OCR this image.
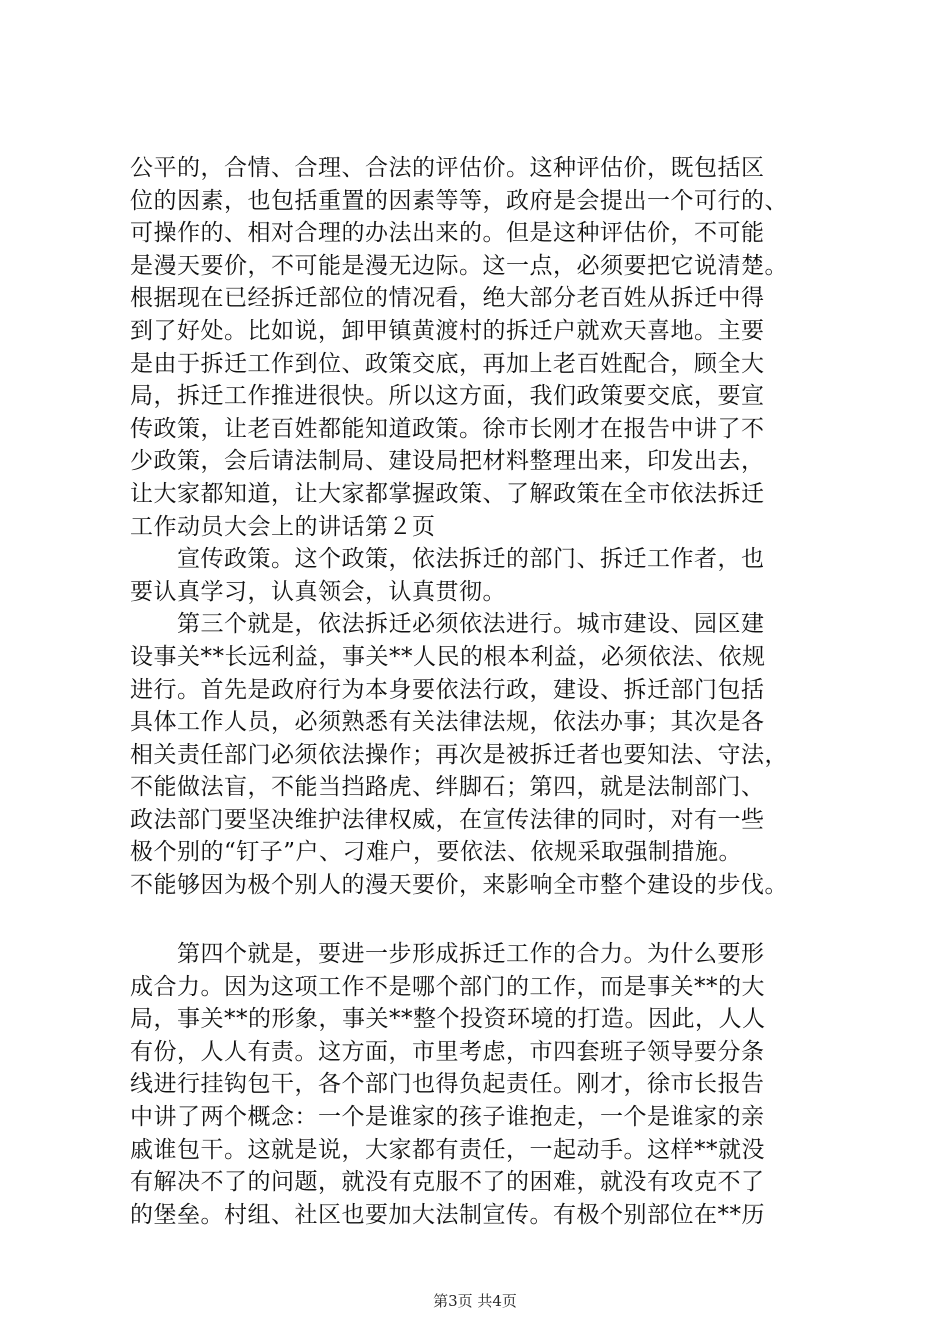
公平的，合情、合理、合法的评估价。这种评估价，既包括区
位的因素，也包括重置的因素等等，政府是会提出一个可行的、
可操作的、相对合理的办法出来的。但是这种评估价，不可能
是漫天要价，不可能是漫无边际。这一点，必须要把它说清楚。
根据现在已经拆迁部位的情况看，绝大部分老百姓从拆迁中得
到了好处。比如说，卸甲镇黄渡村的拆迁户就欢天喜地。主要
是由于拆迁工作到位、政策交底，再加上老百姓配合，顾全大
局，拆迁工作推进很快。所以这方面，我们政策要交底，要宣
传政策，让老百姓都能知道政策。徐市长刚才在报告中讲了不
少政策，会后请法制局、建设局把材料整理出来，印发出去，
让大家都知道，让大家都掌握政策、了解政策在全市依法拆迁
工作动员大会上的讲话第２页
　　宣传政策。这个政策，依法拆迁的部门、拆迁工作者，也
要认真学习，认真领会，认真贯彻。
　　第三个就是，依法拆迁必须依法进行。城市建设、园区建
设事关**长远利益，事关**人民的根本利益，必须依法、依规
进行。首先是政府行为本身要依法行政，建设、拆迁部门包括
具体工作人员，必须熟悉有关法律法规，依法办事；其次是各
相关责任部门必须依法操作；再次是被拆迁者也要知法、守法，
不能做法盲，不能当挡路虎、绊脚石；第四，就是法制部门、
政法部门要坚决维护法律权威，在宣传法律的同时，对有一些
极个别的“钉子”户、刁难户，要依法、依规采取强制措施。
不能够因为极个别人的漫天要价，来影响全市整个建设的步伐。
　　第四个就是，要进一步形成拆迁工作的合力。为什么要形
成合力。因为这项工作不是哪个部门的工作，而是事关**的大
局，事关**的形象，事关**整个投资环境的打造。因此，人人
有份，人人有责。这方面，市里考虑，市四套班子领导要分条
线进行挂钩包干，各个部门也得负起责任。刚才，徐市长报告
中讲了两个概念：一个是谁家的孩子谁抱走，一个是谁家的亲
戚谁包干。这就是说，大家都有责任，一起动手。这样**就没
有解决不了的问题，就没有克服不了的困难，就没有攻克不了
的堡垒。村组、社区也要加大法制宣传。有极个别部位在**历
第3页 共4页
